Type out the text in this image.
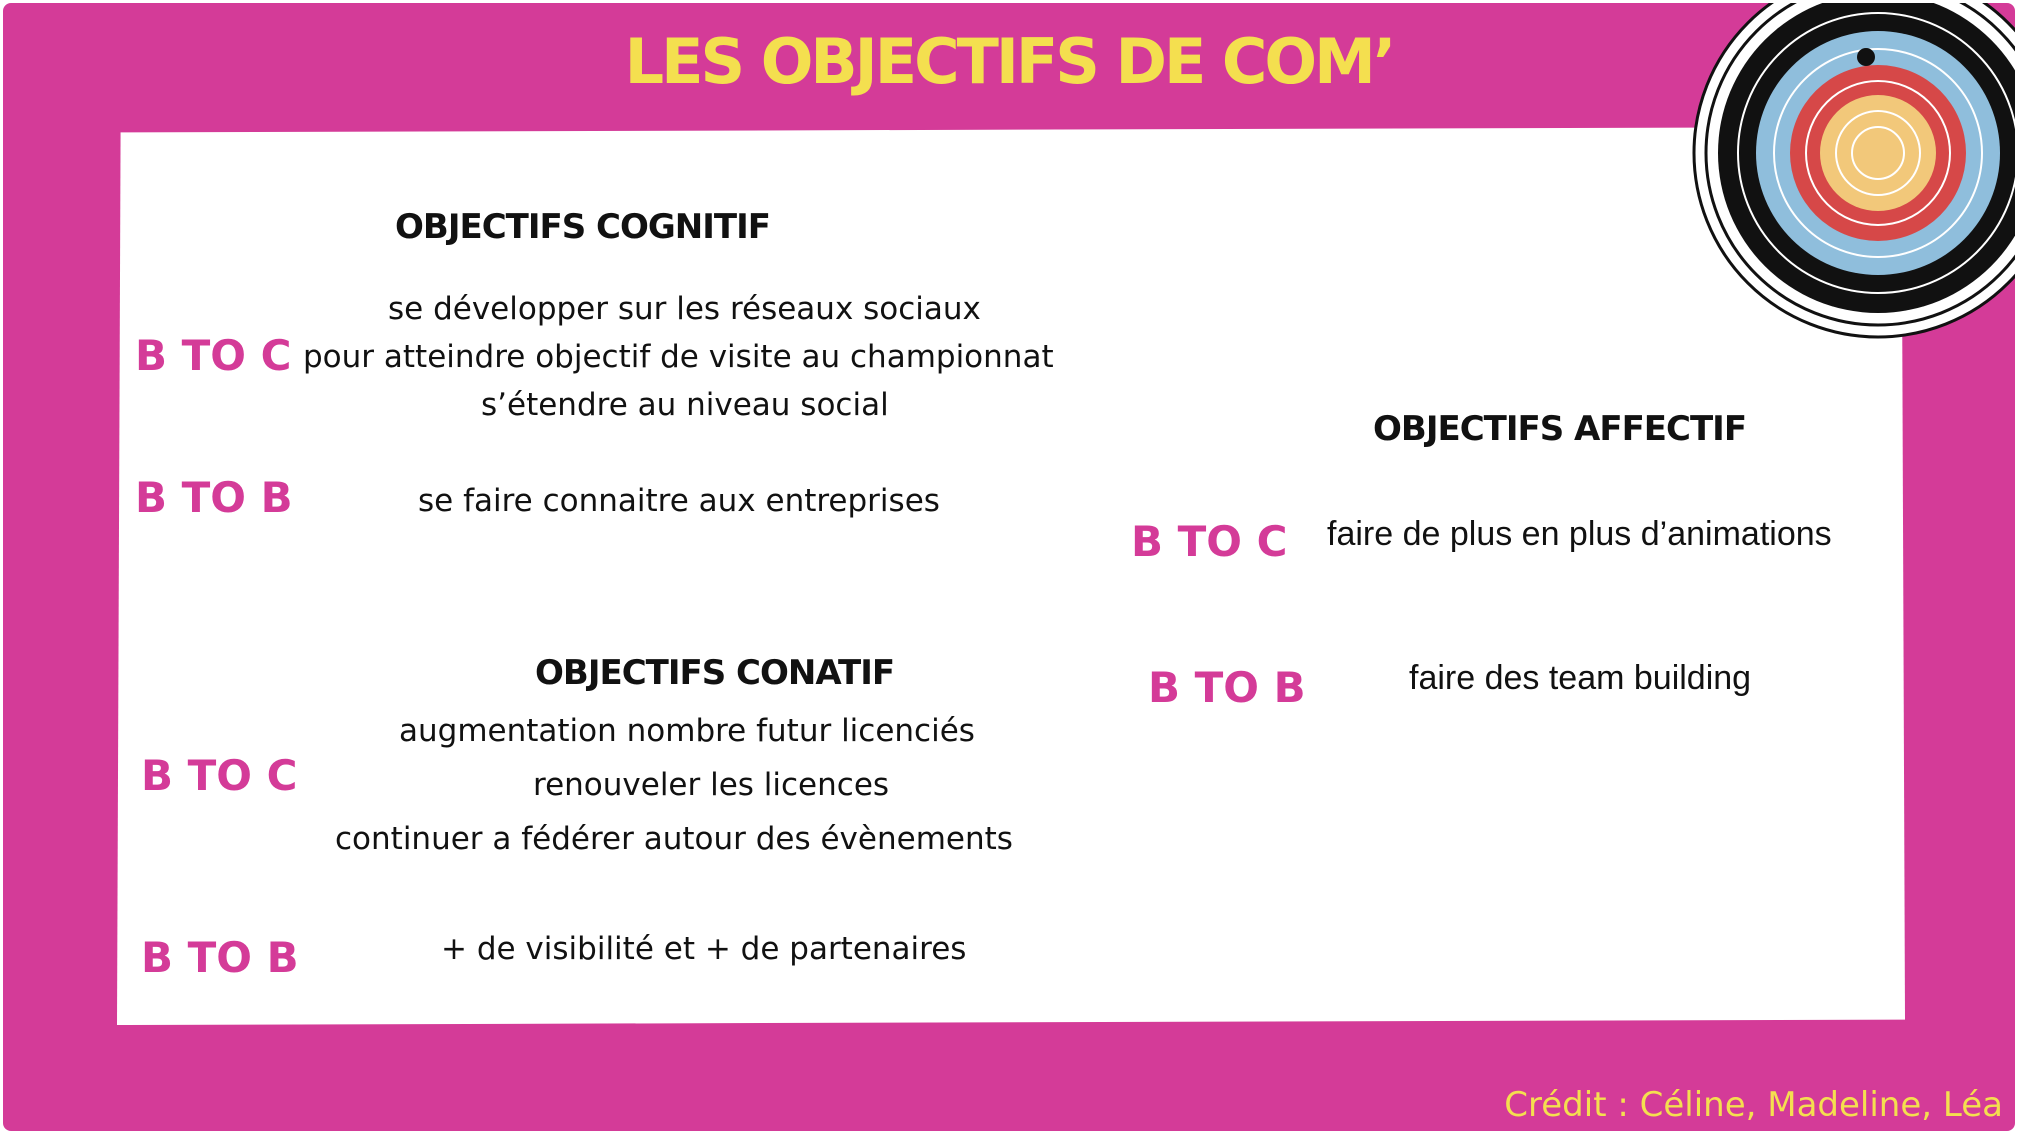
LES OBJECTIFS DE COM’
OBJECTIFS COGNITIF
B TO C
se développer sur les réseaux sociaux
pour atteindre objectif de visite au championnat
s’étendre au niveau social
B TO B	se faire connaitre aux entreprises
OBJECTIFS CONATIF
B TO C
augmentation nombre futur licenciés
renouveler les licences
continuer a fédérer autour des évènements
B TO B	+ de visibilité et + de partenaires
OBJECTIFS AFFECTIF
B TO C faire de plus en plus d’animations
B TO B	faire des team building
Crédit : Céline, Madeline, Léa
